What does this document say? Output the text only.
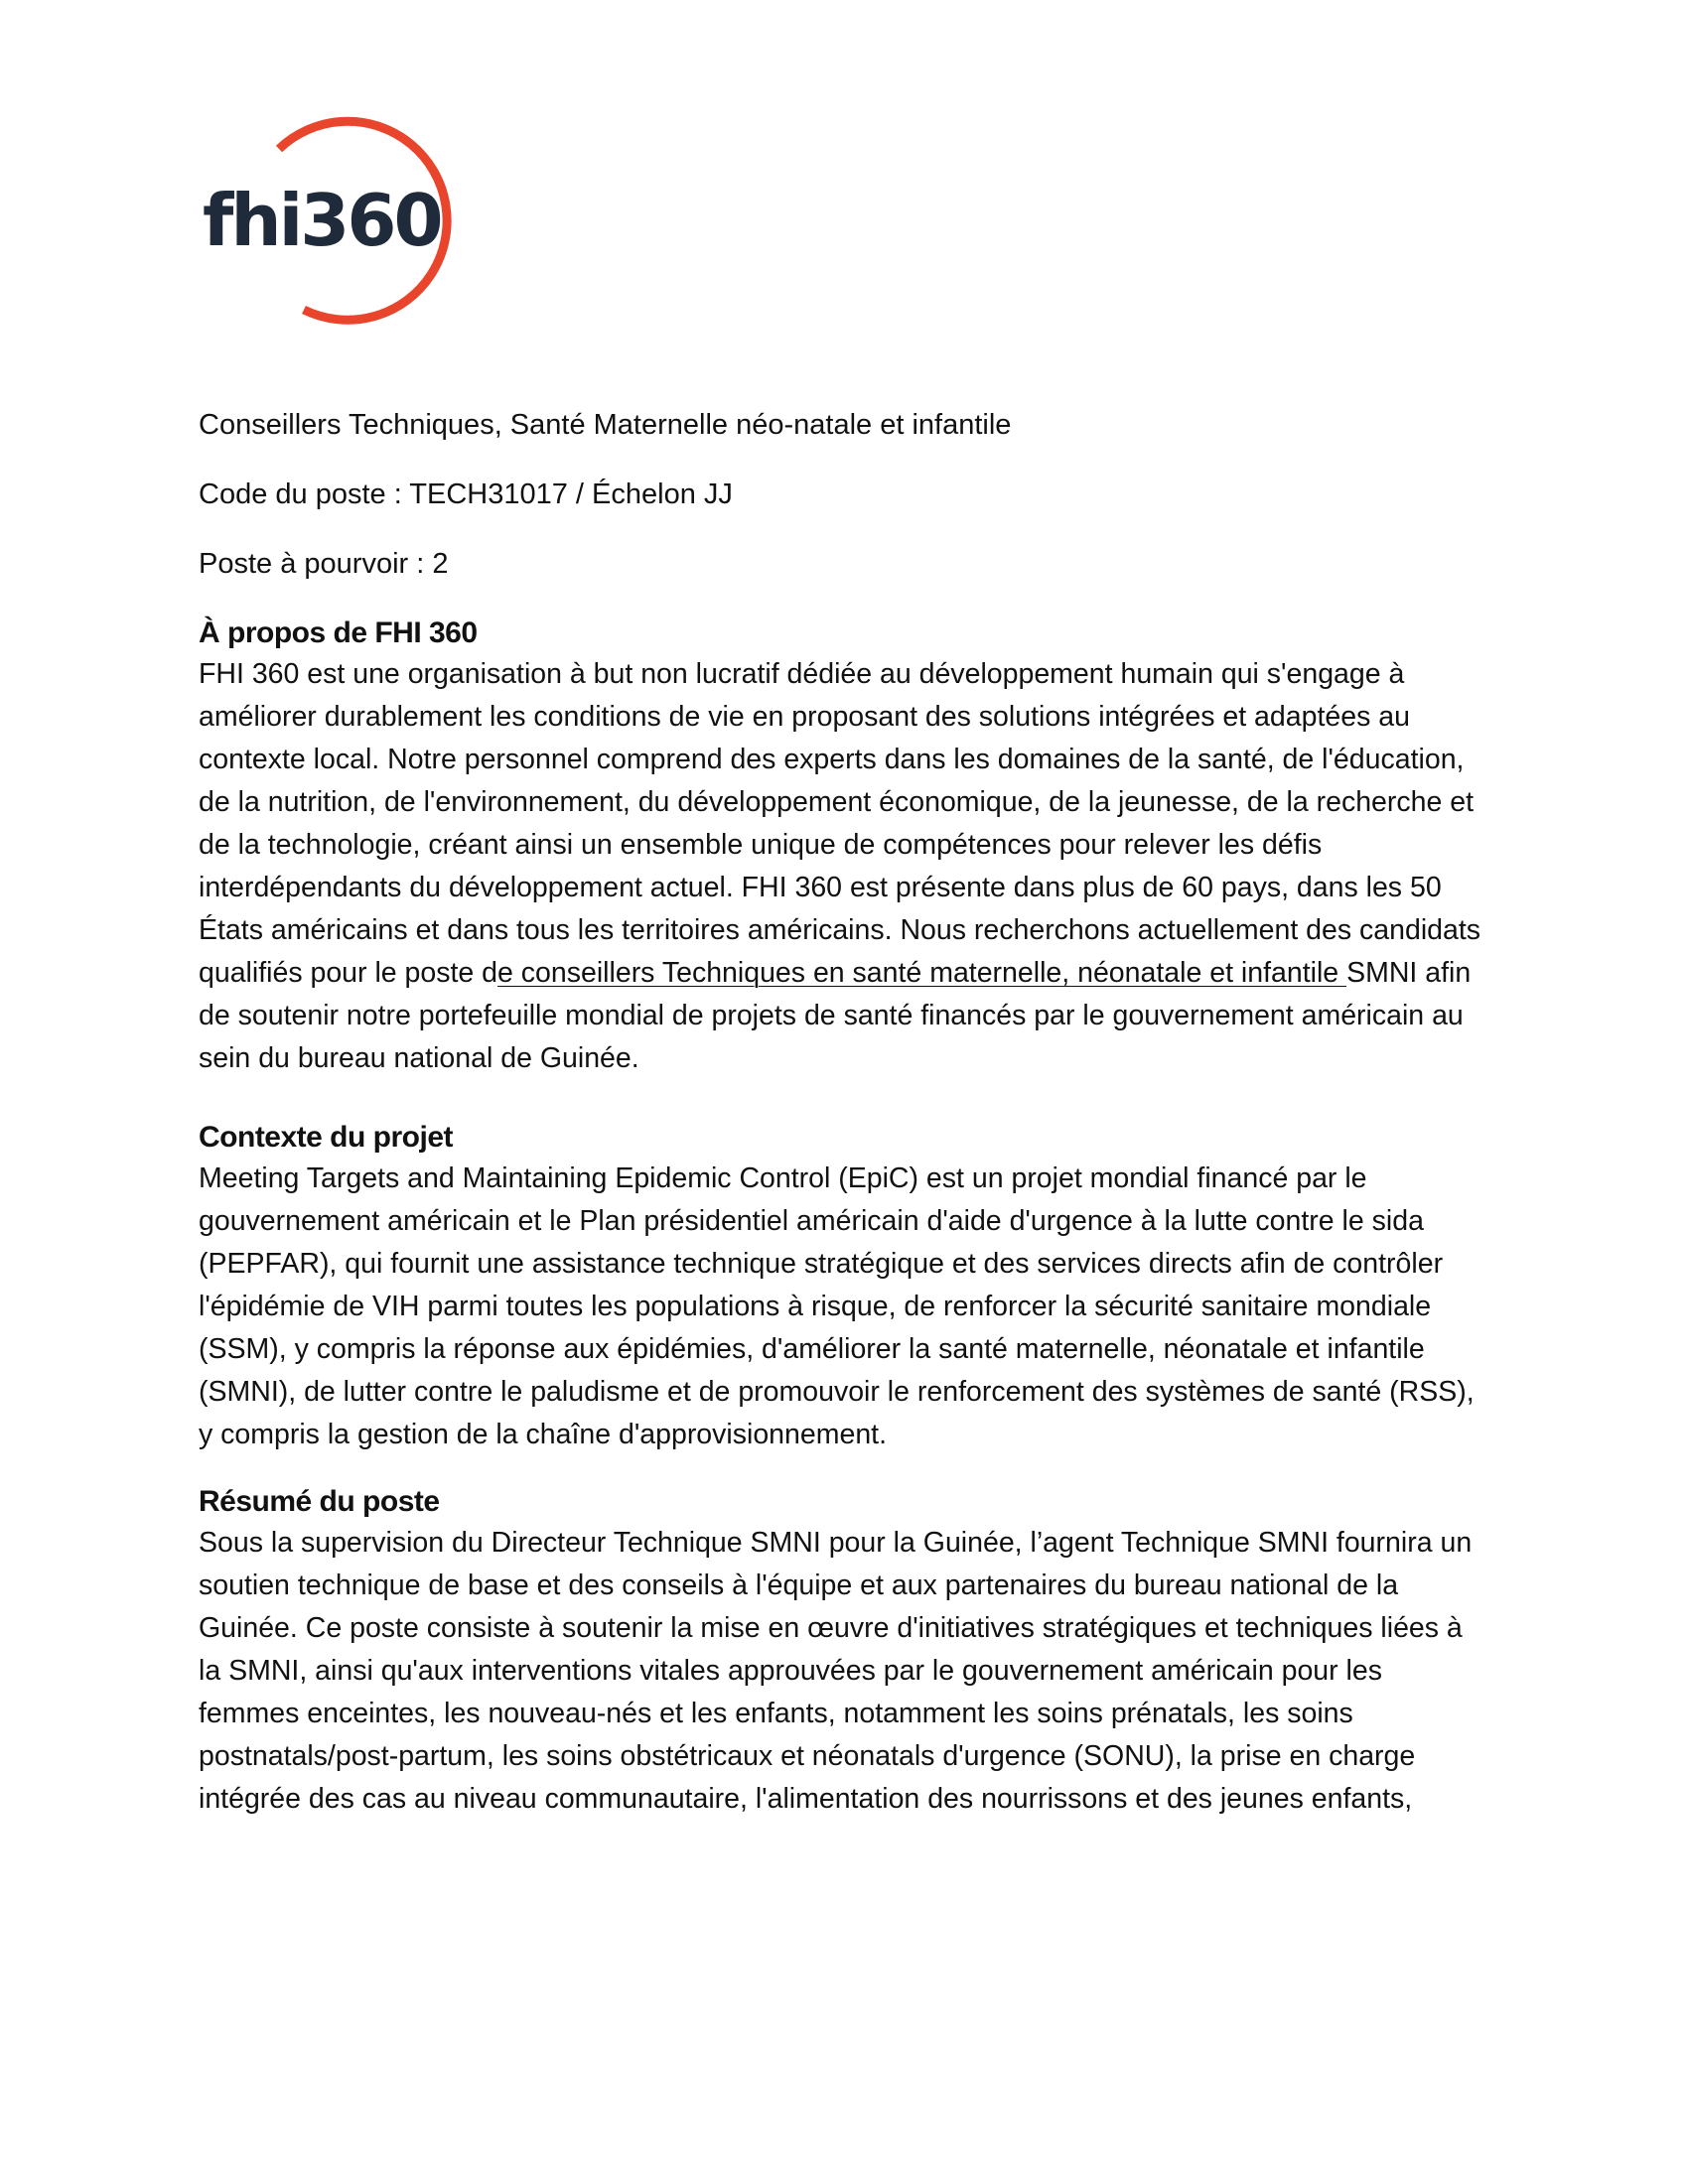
fhi360

Conseillers Techniques, Santé Maternelle néo-natale et infantile

Code du poste : TECH31017 / Échelon JJ

Poste à pourvoir : 2

À propos de FHI 360

FHI 360 est une organisation à but non lucratif dédiée au développement humain qui s'engage à améliorer durablement les conditions de vie en proposant des solutions intégrées et adaptées au contexte local. Notre personnel comprend des experts dans les domaines de la santé, de l'éducation, de la nutrition, de l'environnement, du développement économique, de la jeunesse, de la recherche et de la technologie, créant ainsi un ensemble unique de compétences pour relever les défis interdépendants du développement actuel. FHI 360 est présente dans plus de 60 pays, dans les 50 États américains et dans tous les territoires américains. Nous recherchons actuellement des candidats qualifiés pour le poste de conseillers Techniques en santé maternelle, néonatale et infantile SMNI afin de soutenir notre portefeuille mondial de projets de santé financés par le gouvernement américain au sein du bureau national de Guinée.

Contexte du projet

Meeting Targets and Maintaining Epidemic Control (EpiC) est un projet mondial financé par le gouvernement américain et le Plan présidentiel américain d'aide d'urgence à la lutte contre le sida (PEPFAR), qui fournit une assistance technique stratégique et des services directs afin de contrôler l'épidémie de VIH parmi toutes les populations à risque, de renforcer la sécurité sanitaire mondiale (SSM), y compris la réponse aux épidémies, d'améliorer la santé maternelle, néonatale et infantile (SMNI), de lutter contre le paludisme et de promouvoir le renforcement des systèmes de santé (RSS), y compris la gestion de la chaîne d'approvisionnement.

Résumé du poste

Sous la supervision du Directeur Technique SMNI pour la Guinée, l’agent Technique SMNI fournira un soutien technique de base et des conseils à l'équipe et aux partenaires du bureau national de la Guinée. Ce poste consiste à soutenir la mise en œuvre d'initiatives stratégiques et techniques liées à la SMNI, ainsi qu'aux interventions vitales approuvées par le gouvernement américain pour les femmes enceintes, les nouveau-nés et les enfants, notamment les soins prénatals, les soins postnatals/post-partum, les soins obstétricaux et néonatals d'urgence (SONU), la prise en charge intégrée des cas au niveau communautaire, l'alimentation des nourrissons et des jeunes enfants,
